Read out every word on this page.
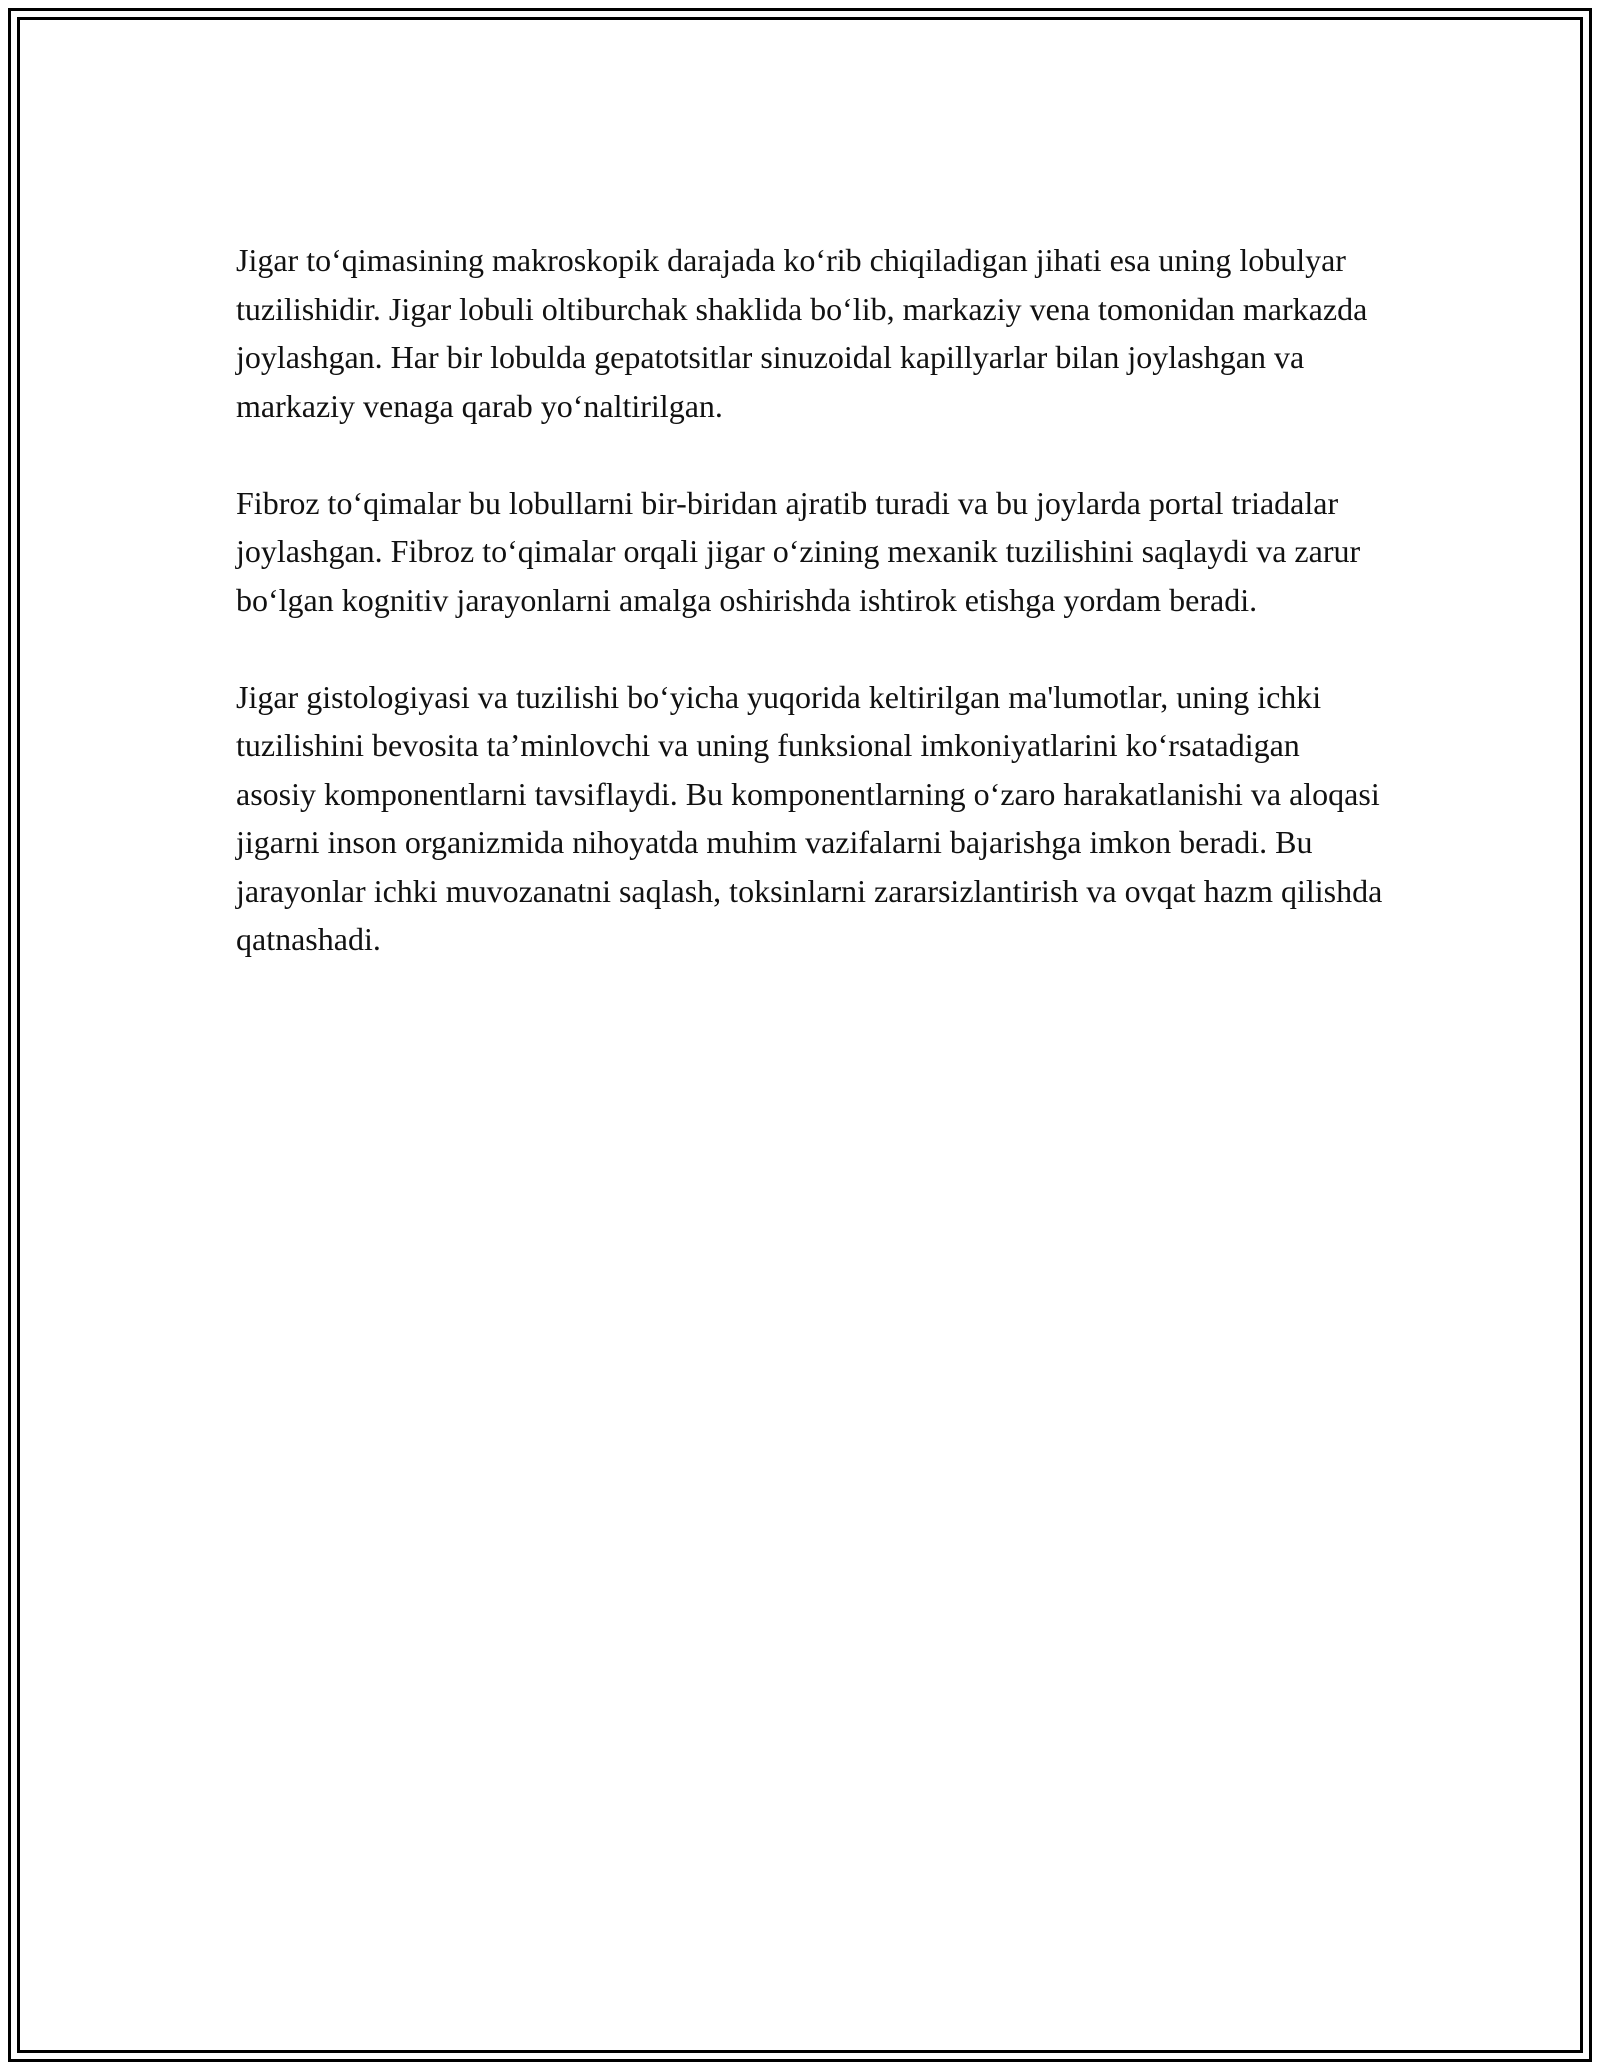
Jigar to‘qimasining makroskopik darajada ko‘rib chiqiladigan jihati esa uning lobulyar tuzilishidir. Jigar lobuli oltiburchak shaklida bo‘lib, markaziy vena tomonidan markazda joylashgan. Har bir lobulda gepatotsitlar sinuzoidal kapillyarlar bilan joylashgan va markaziy venaga qarab yo‘naltirilgan.

Fibroz to‘qimalar bu lobullarni bir-biridan ajratib turadi va bu joylarda portal triadalar joylashgan. Fibroz to‘qimalar orqali jigar o‘zining mexanik tuzilishini saqlaydi va zarur bo‘lgan kognitiv jarayonlarni amalga oshirishda ishtirok etishga yordam beradi.

Jigar gistologiyasi va tuzilishi bo‘yicha yuqorida keltirilgan ma'lumotlar, uning ichki tuzilishini bevosita ta’minlovchi va uning funksional imkoniyatlarini ko‘rsatadigan asosiy komponentlarni tavsiflaydi. Bu komponentlarning o‘zaro harakatlanishi va aloqasi jigarni inson organizmida nihoyatda muhim vazifalarni bajarishga imkon beradi. Bu jarayonlar ichki muvozanatni saqlash, toksinlarni zararsizlantirish va ovqat hazm qilishda qatnashadi.
